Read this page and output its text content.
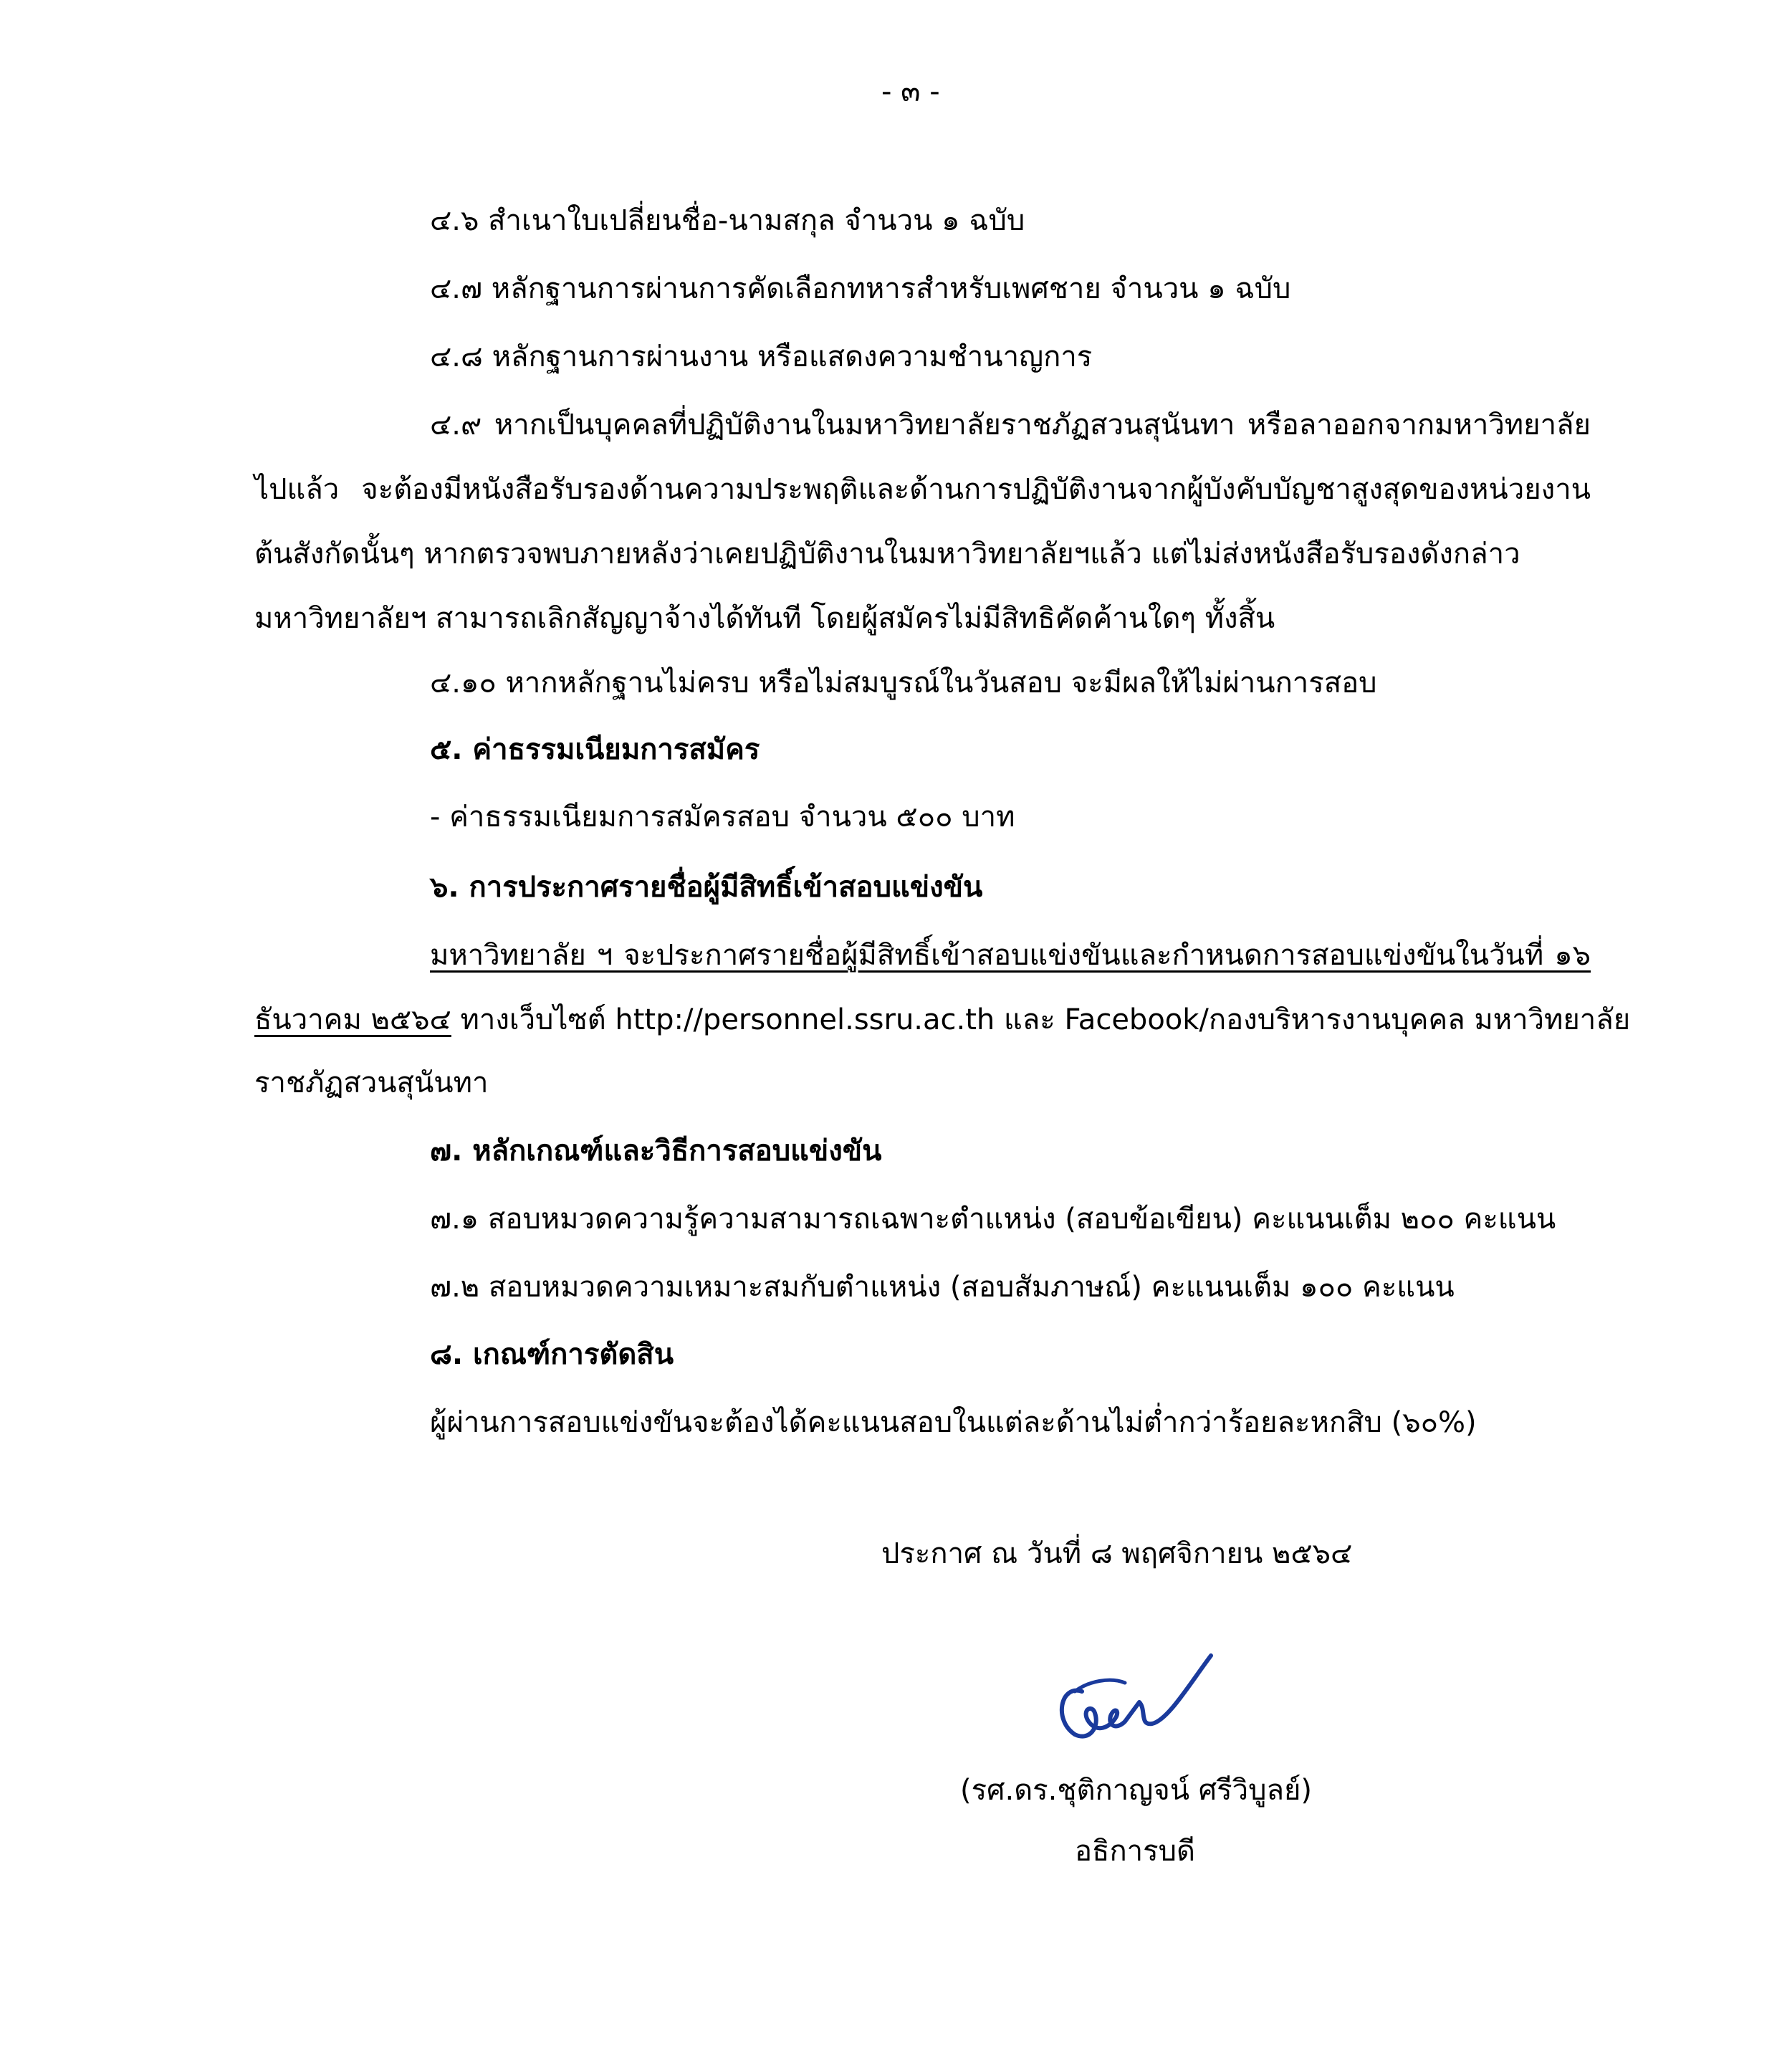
- ๓ -
๔.๖ สำเนาใบเปลี่ยนชื่อ-นามสกุล จำนวน ๑ ฉบับ
๔.๗ หลักฐานการผ่านการคัดเลือกทหารสำหรับเพศชาย จำนวน ๑ ฉบับ
๔.๘ หลักฐานการผ่านงาน หรือแสดงความชำนาญการ
๔.๙ หากเป็นบุคคลที่ปฏิบัติงานในมหาวิทยาลัยราชภัฏสวนสุนันทา หรือลาออกจากมหาวิทยาลัย
ไปแล้ว จะต้องมีหนังสือรับรองด้านความประพฤติและด้านการปฏิบัติงานจากผู้บังคับบัญชาสูงสุดของหน่วยงาน
ต้นสังกัดนั้นๆ หากตรวจพบภายหลังว่าเคยปฏิบัติงานในมหาวิทยาลัยฯแล้ว แต่ไม่ส่งหนังสือรับรองดังกล่าว
มหาวิทยาลัยฯ สามารถเลิกสัญญาจ้างได้ทันที โดยผู้สมัครไม่มีสิทธิคัดค้านใดๆ ทั้งสิ้น
๔.๑๐ หากหลักฐานไม่ครบ หรือไม่สมบูรณ์ในวันสอบ จะมีผลให้ไม่ผ่านการสอบ
๕. ค่าธรรมเนียมการสมัคร
- ค่าธรรมเนียมการสมัครสอบ จำนวน ๕๐๐ บาท
๖. การประกาศรายชื่อผู้มีสิทธิ์เข้าสอบแข่งขัน
มหาวิทยาลัย ฯ จะประกาศรายชื่อผู้มีสิทธิ์เข้าสอบแข่งขันและกำหนดการสอบแข่งขันในวันที่ ๑๖
ธันวาคม ๒๕๖๔ ทางเว็บไซต์ http://personnel.ssru.ac.th และ Facebook/กองบริหารงานบุคคล มหาวิทยาลัย
ราชภัฏสวนสุนันทา
๗. หลักเกณฑ์และวิธีการสอบแข่งขัน
๗.๑ สอบหมวดความรู้ความสามารถเฉพาะตำแหน่ง (สอบข้อเขียน) คะแนนเต็ม ๒๐๐ คะแนน
๗.๒ สอบหมวดความเหมาะสมกับตำแหน่ง (สอบสัมภาษณ์) คะแนนเต็ม ๑๐๐ คะแนน
๘. เกณฑ์การตัดสิน
ผู้ผ่านการสอบแข่งขันจะต้องได้คะแนนสอบในแต่ละด้านไม่ต่ำกว่าร้อยละหกสิบ (๖๐%)
ประกาศ ณ วันที่ ๘ พฤศจิกายน ๒๕๖๔
(รศ.ดร.ชุติกาญจน์ ศรีวิบูลย์)
อธิการบดี
